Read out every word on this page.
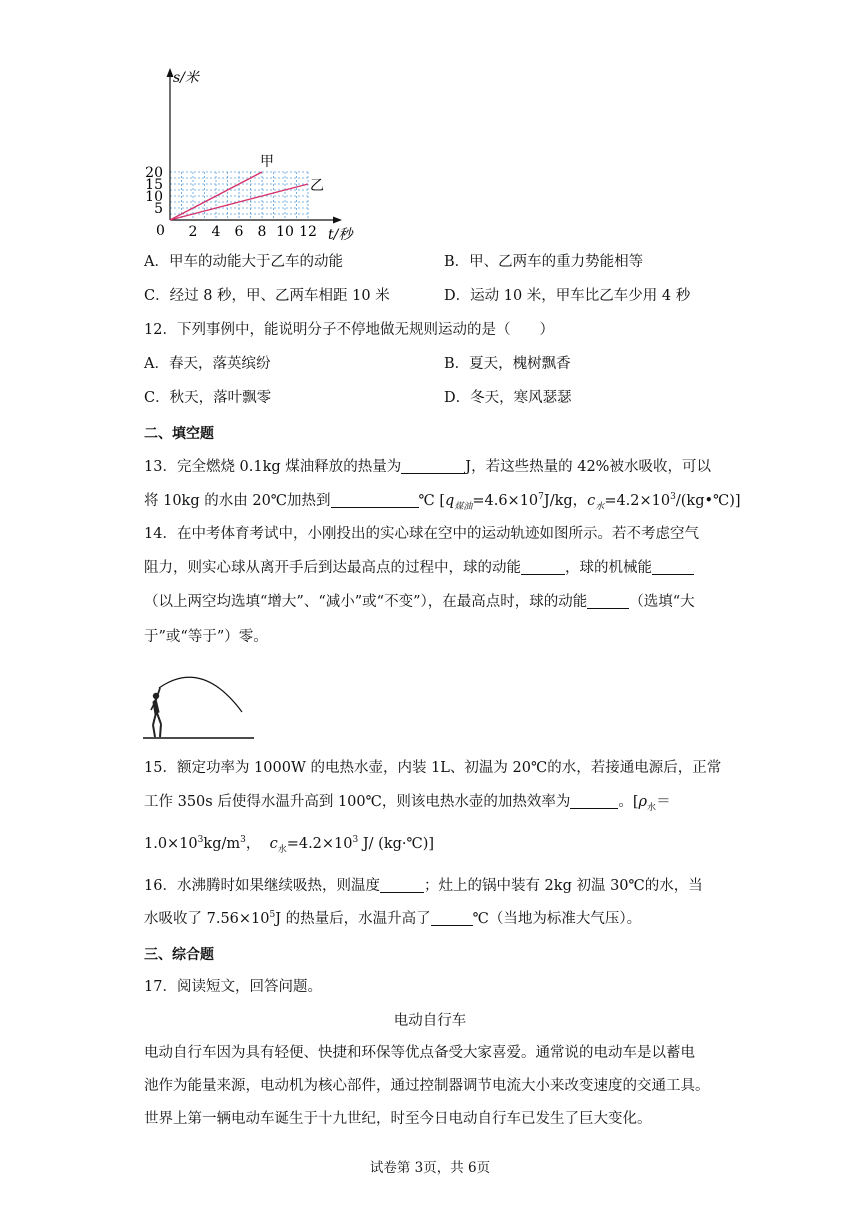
20
15
10
5
2 4 6 8 10 12
甲
乙
s/米
t/秒
0
A．甲车的动能大于乙车的动能	B．甲、乙两车的重力势能相等
C．经过 8 秒，甲、乙两车相距 10 米	D．运动 10 米，甲车比乙车少用 4 秒
12．下列事例中，能说明分子不停地做无规则运动的是（　　）
A．春天，落英缤纷	B．夏天，槐树飘香
C．秋天，落叶飘零	D．冬天，寒风瑟瑟
二、填空题
13．完全燃烧 0.1kg 煤油释放的热量为	J，若这些热量的 42%被水吸收，可以
将 10kg 的水由 20℃加热到	℃ [$q_{煤油}=4.6\times 10^7J/kg$，$c_水=4.2\times 10^3/(kg•℃)$]
14．在中考体育考试中，小刚投出的实心球在空中的运动轨迹如图所示。若不考虑空气
阻力，则实心球从离开手后到达最高点的过程中，球的动能	，球的机械能
（以上两空均选填“增大”、“减小”或“不变”），在最高点时，球的动能	（选填“大
于”或“等于”）零。
15．额定功率为 1000W 的电热水壶，内装 1L、初温为 20℃的水，若接通电源后，正常
工作 350s 后使得水温升高到 100℃，则该电热水壶的加热效率为	。[$\rho_水=$
$1.0\times 10^3kg/m^3$， $c_水=4.2\times 10^3$ J/ (kg·℃)]
16．水沸腾时如果继续吸热，则温度	；灶上的锅中装有 2kg 初温 30℃的水，当
水吸收了 $7.56\times 10^5J$ 的热量后，水温升高了	℃（当地为标准大气压）。
三、综合题
17．阅读短文，回答问题。
电动自行车
电动自行车因为具有轻便、快捷和环保等优点备受大家喜爱。通常说的电动车是以蓄电
池作为能量来源，电动机为核心部件，通过控制器调节电流大小来改变速度的交通工具。
世界上第一辆电动车诞生于十九世纪，时至今日电动自行车已发生了巨大变化。
试卷第 3页，共 6页
